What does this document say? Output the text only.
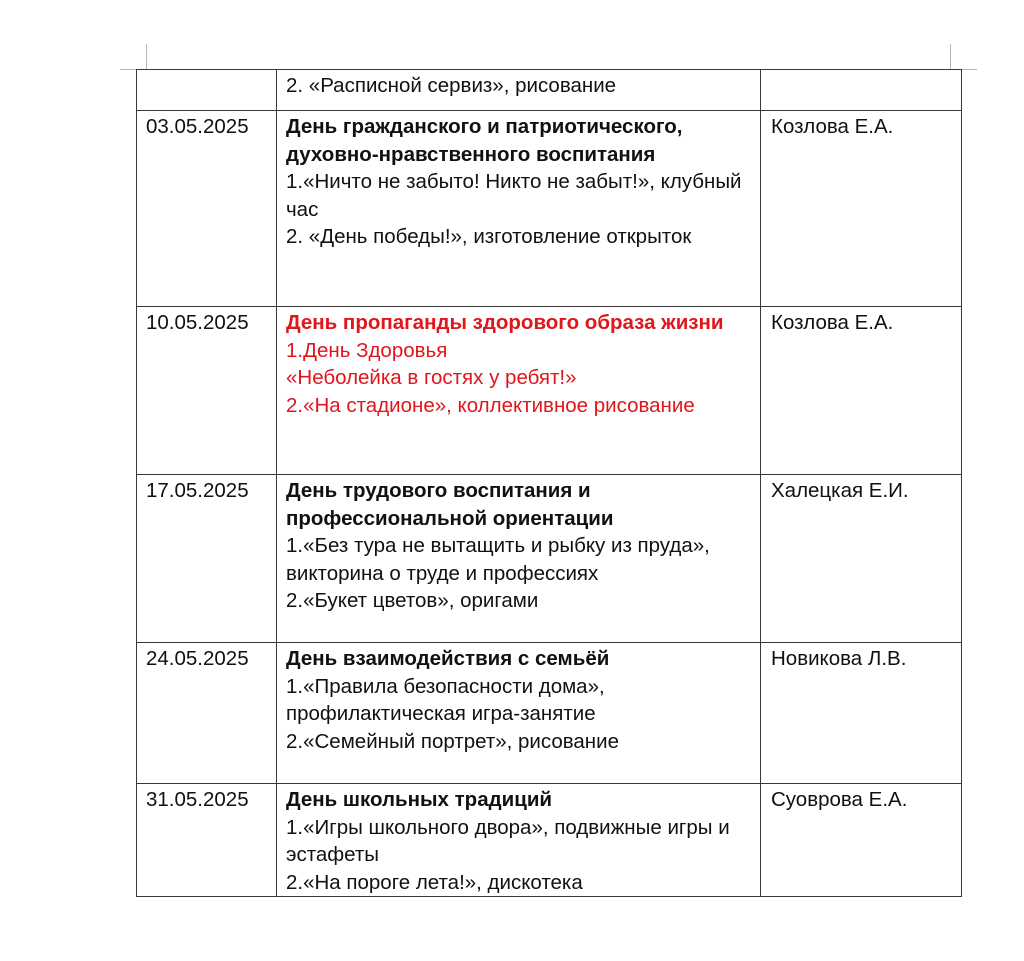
	2. «Расписной сервиз», рисование	

03.05.2025	День гражданского и патриотического, духовно-нравственного воспитания
1.«Ничто не забыто! Никто не забыт!», клубный час
2. «День победы!», изготовление открыток	Козлова Е.А.
10.05.2025	День пропаганды здорового образа жизни
1.День Здоровья
«Неболейка в гостях у ребят!»
2.«На стадионе», коллективное рисование	Козлова Е.А.
17.05.2025	День трудового воспитания и профессиональной ориентации
1.«Без тура не вытащить и рыбку из пруда», викторина о труде и профессиях
2.«Букет цветов», оригами	Халецкая Е.И.
24.05.2025	День взаимодействия с семьёй
1.«Правила безопасности дома», профилактическая игра-занятие
2.«Семейный портрет», рисование	Новикова Л.В.
31.05.2025	День школьных традиций
1.«Игры школьного двора», подвижные игры и эстафеты
2.«На пороге лета!», дискотека	Суоврова Е.А.
